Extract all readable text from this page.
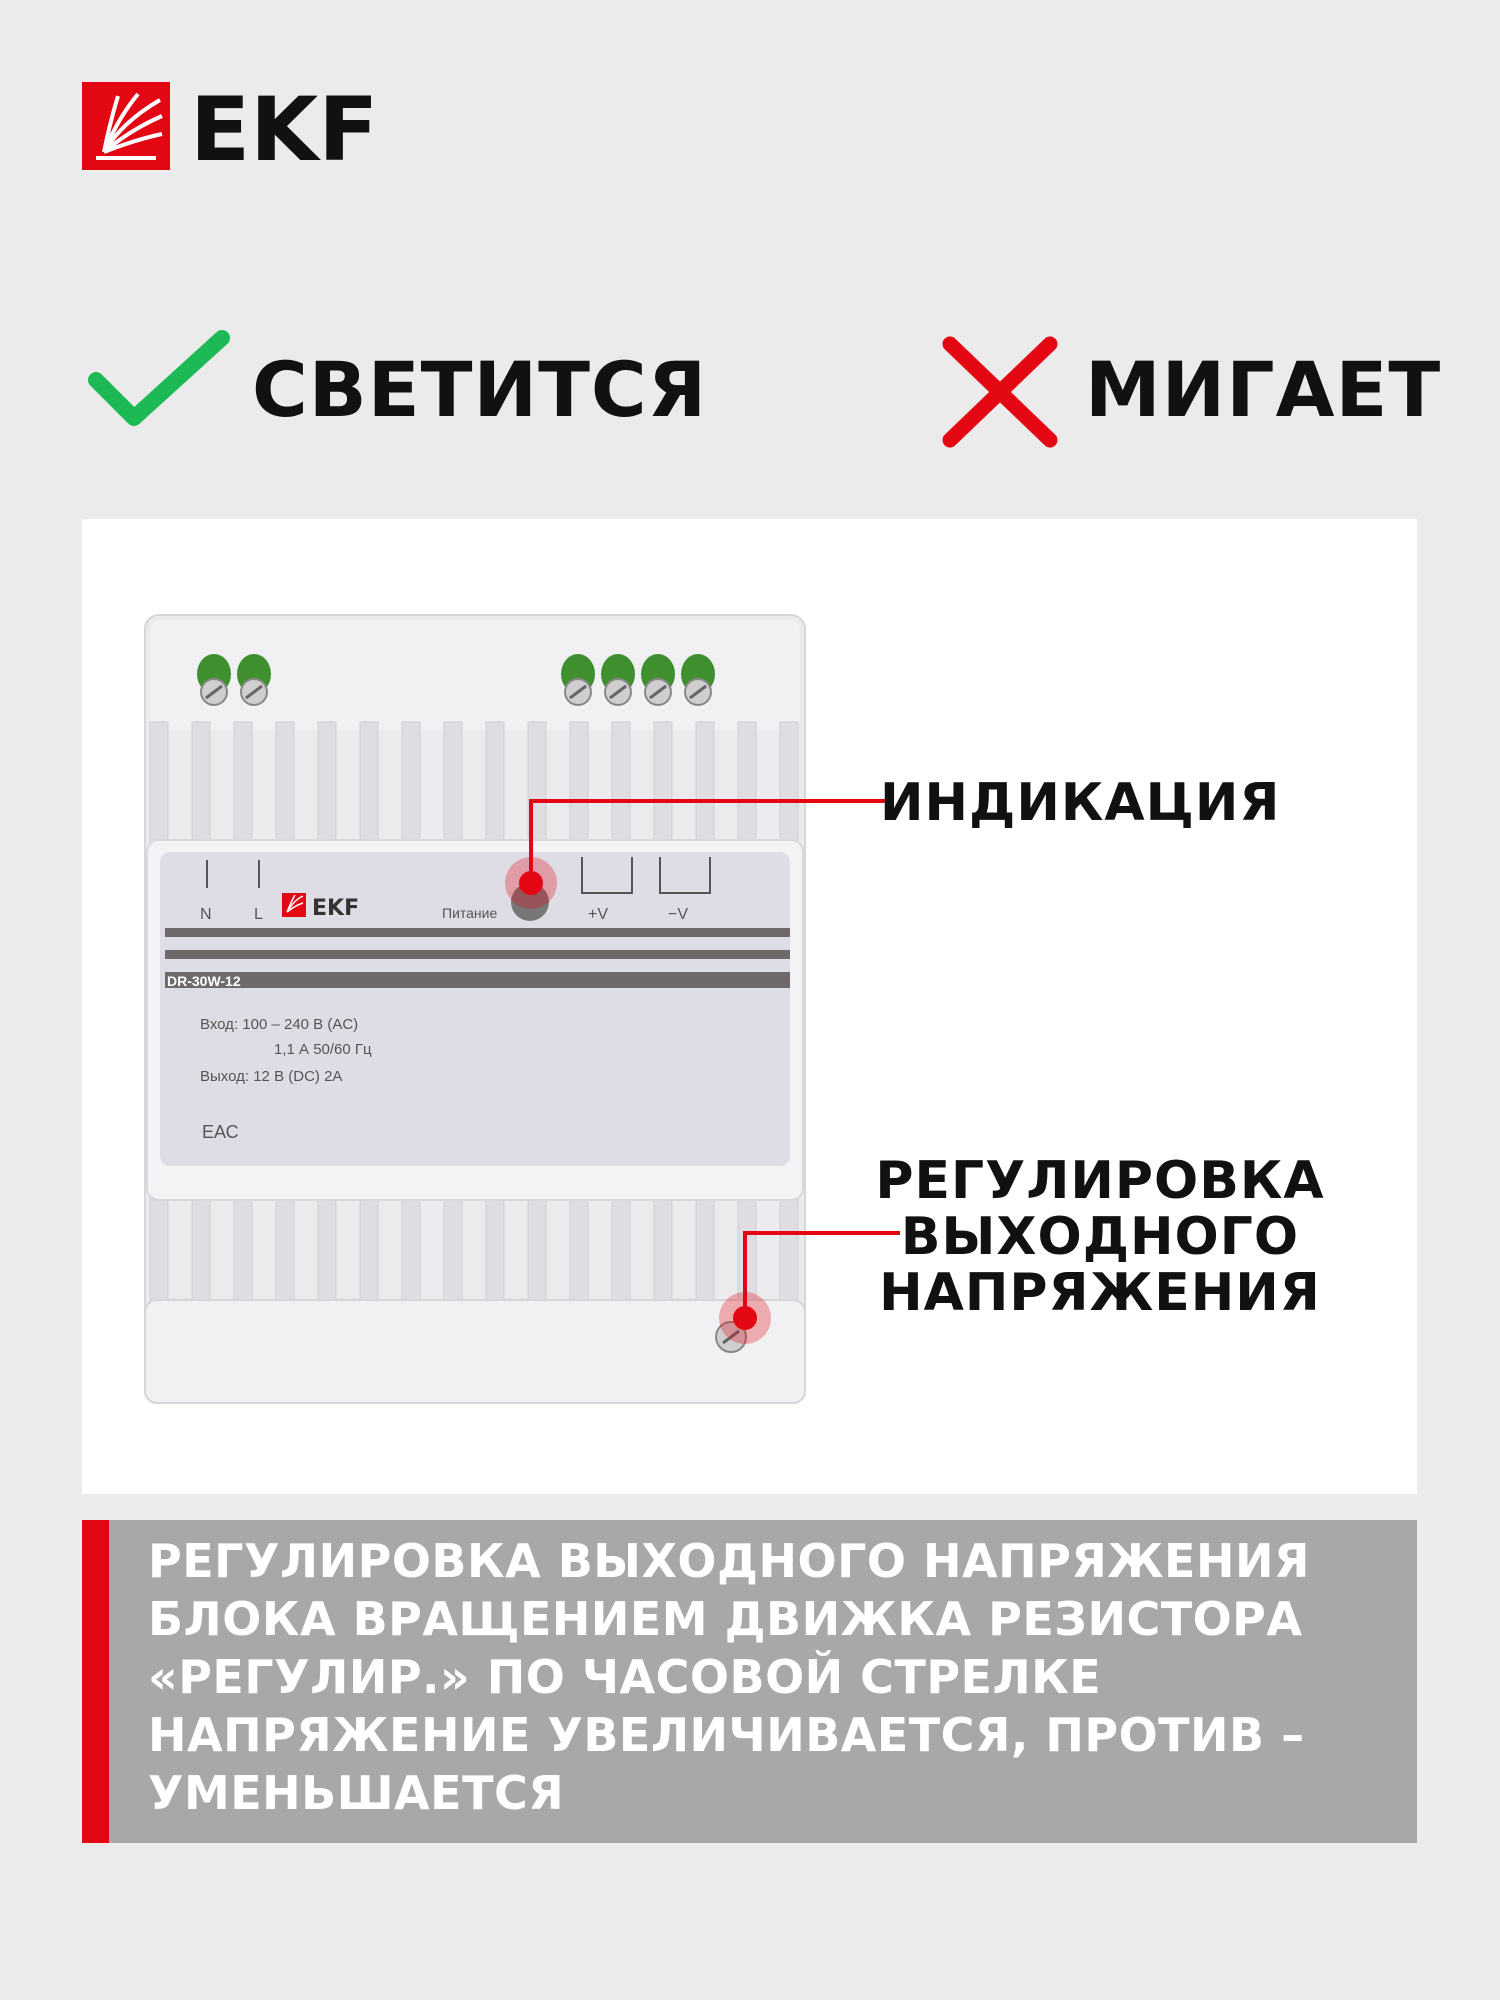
EKF
СВЕТИТСЯ	МИГАЕТ
N	L EKF	Питание	+V	−V
DR-30W-12
Вход: 100 – 240 В (AC)
1,1 А 50/60 Гц
Выход: 12 В (DC) 2A
ЕАС
ИНДИКАЦИЯ
РЕГУЛИРОВКА
ВЫХОДНОГО
НАПРЯЖЕНИЯ
РЕГУЛИРОВКА ВЫХОДНОГО НАПРЯЖЕНИЯ
БЛОКА ВРАЩЕНИЕМ ДВИЖКА РЕЗИСТОРА
«РЕГУЛИР.» ПО ЧАСОВОЙ СТРЕЛКЕ
НАПРЯЖЕНИЕ УВЕЛИЧИВАЕТСЯ, ПРОТИВ –
УМЕНЬШАЕТСЯ
